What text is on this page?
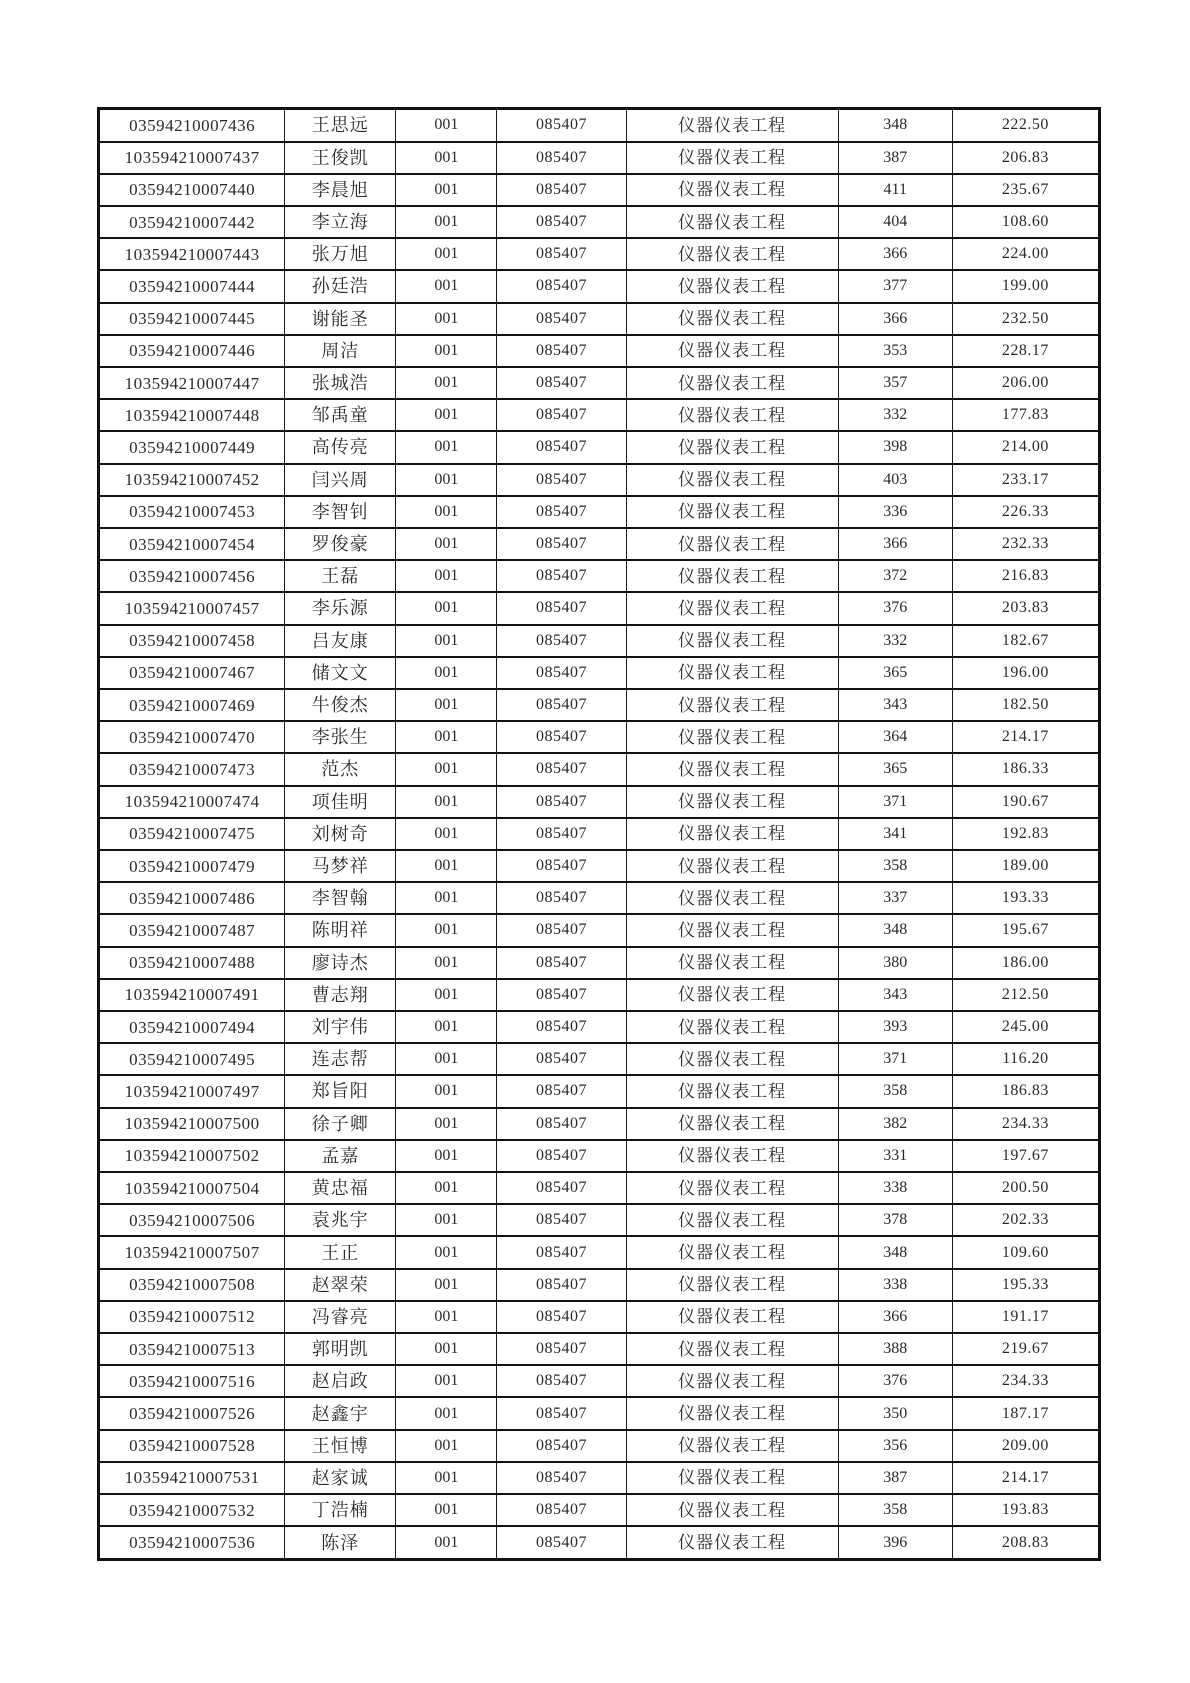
03594210007436	王思远	001	085407	仪器仪表工程	348	222.50
103594210007437	王俊凯	001	085407	仪器仪表工程	387	206.83
03594210007440	李晨旭	001	085407	仪器仪表工程	411	235.67
03594210007442	李立海	001	085407	仪器仪表工程	404	108.60
103594210007443	张万旭	001	085407	仪器仪表工程	366	224.00
03594210007444	孙廷浩	001	085407	仪器仪表工程	377	199.00
03594210007445	谢能圣	001	085407	仪器仪表工程	366	232.50
03594210007446	周洁	001	085407	仪器仪表工程	353	228.17
103594210007447	张城浩	001	085407	仪器仪表工程	357	206.00
103594210007448	邹禹童	001	085407	仪器仪表工程	332	177.83
03594210007449	高传亮	001	085407	仪器仪表工程	398	214.00
103594210007452	闫兴周	001	085407	仪器仪表工程	403	233.17
03594210007453	李智钊	001	085407	仪器仪表工程	336	226.33
03594210007454	罗俊豪	001	085407	仪器仪表工程	366	232.33
03594210007456	王磊	001	085407	仪器仪表工程	372	216.83
103594210007457	李乐源	001	085407	仪器仪表工程	376	203.83
03594210007458	吕友康	001	085407	仪器仪表工程	332	182.67
03594210007467	储文文	001	085407	仪器仪表工程	365	196.00
03594210007469	牛俊杰	001	085407	仪器仪表工程	343	182.50
03594210007470	李张生	001	085407	仪器仪表工程	364	214.17
03594210007473	范杰	001	085407	仪器仪表工程	365	186.33
103594210007474	项佳明	001	085407	仪器仪表工程	371	190.67
03594210007475	刘树奇	001	085407	仪器仪表工程	341	192.83
03594210007479	马梦祥	001	085407	仪器仪表工程	358	189.00
03594210007486	李智翰	001	085407	仪器仪表工程	337	193.33
03594210007487	陈明祥	001	085407	仪器仪表工程	348	195.67
03594210007488	廖诗杰	001	085407	仪器仪表工程	380	186.00
103594210007491	曹志翔	001	085407	仪器仪表工程	343	212.50
03594210007494	刘宇伟	001	085407	仪器仪表工程	393	245.00
03594210007495	连志帮	001	085407	仪器仪表工程	371	116.20
103594210007497	郑旨阳	001	085407	仪器仪表工程	358	186.83
103594210007500	徐子卿	001	085407	仪器仪表工程	382	234.33
103594210007502	孟嘉	001	085407	仪器仪表工程	331	197.67
103594210007504	黄忠福	001	085407	仪器仪表工程	338	200.50
03594210007506	袁兆宇	001	085407	仪器仪表工程	378	202.33
103594210007507	王正	001	085407	仪器仪表工程	348	109.60
03594210007508	赵翠荣	001	085407	仪器仪表工程	338	195.33
03594210007512	冯睿亮	001	085407	仪器仪表工程	366	191.17
03594210007513	郭明凯	001	085407	仪器仪表工程	388	219.67
03594210007516	赵启政	001	085407	仪器仪表工程	376	234.33
03594210007526	赵鑫宇	001	085407	仪器仪表工程	350	187.17
03594210007528	王恒博	001	085407	仪器仪表工程	356	209.00
103594210007531	赵家诚	001	085407	仪器仪表工程	387	214.17
03594210007532	丁浩楠	001	085407	仪器仪表工程	358	193.83
03594210007536	陈泽	001	085407	仪器仪表工程	396	208.83
